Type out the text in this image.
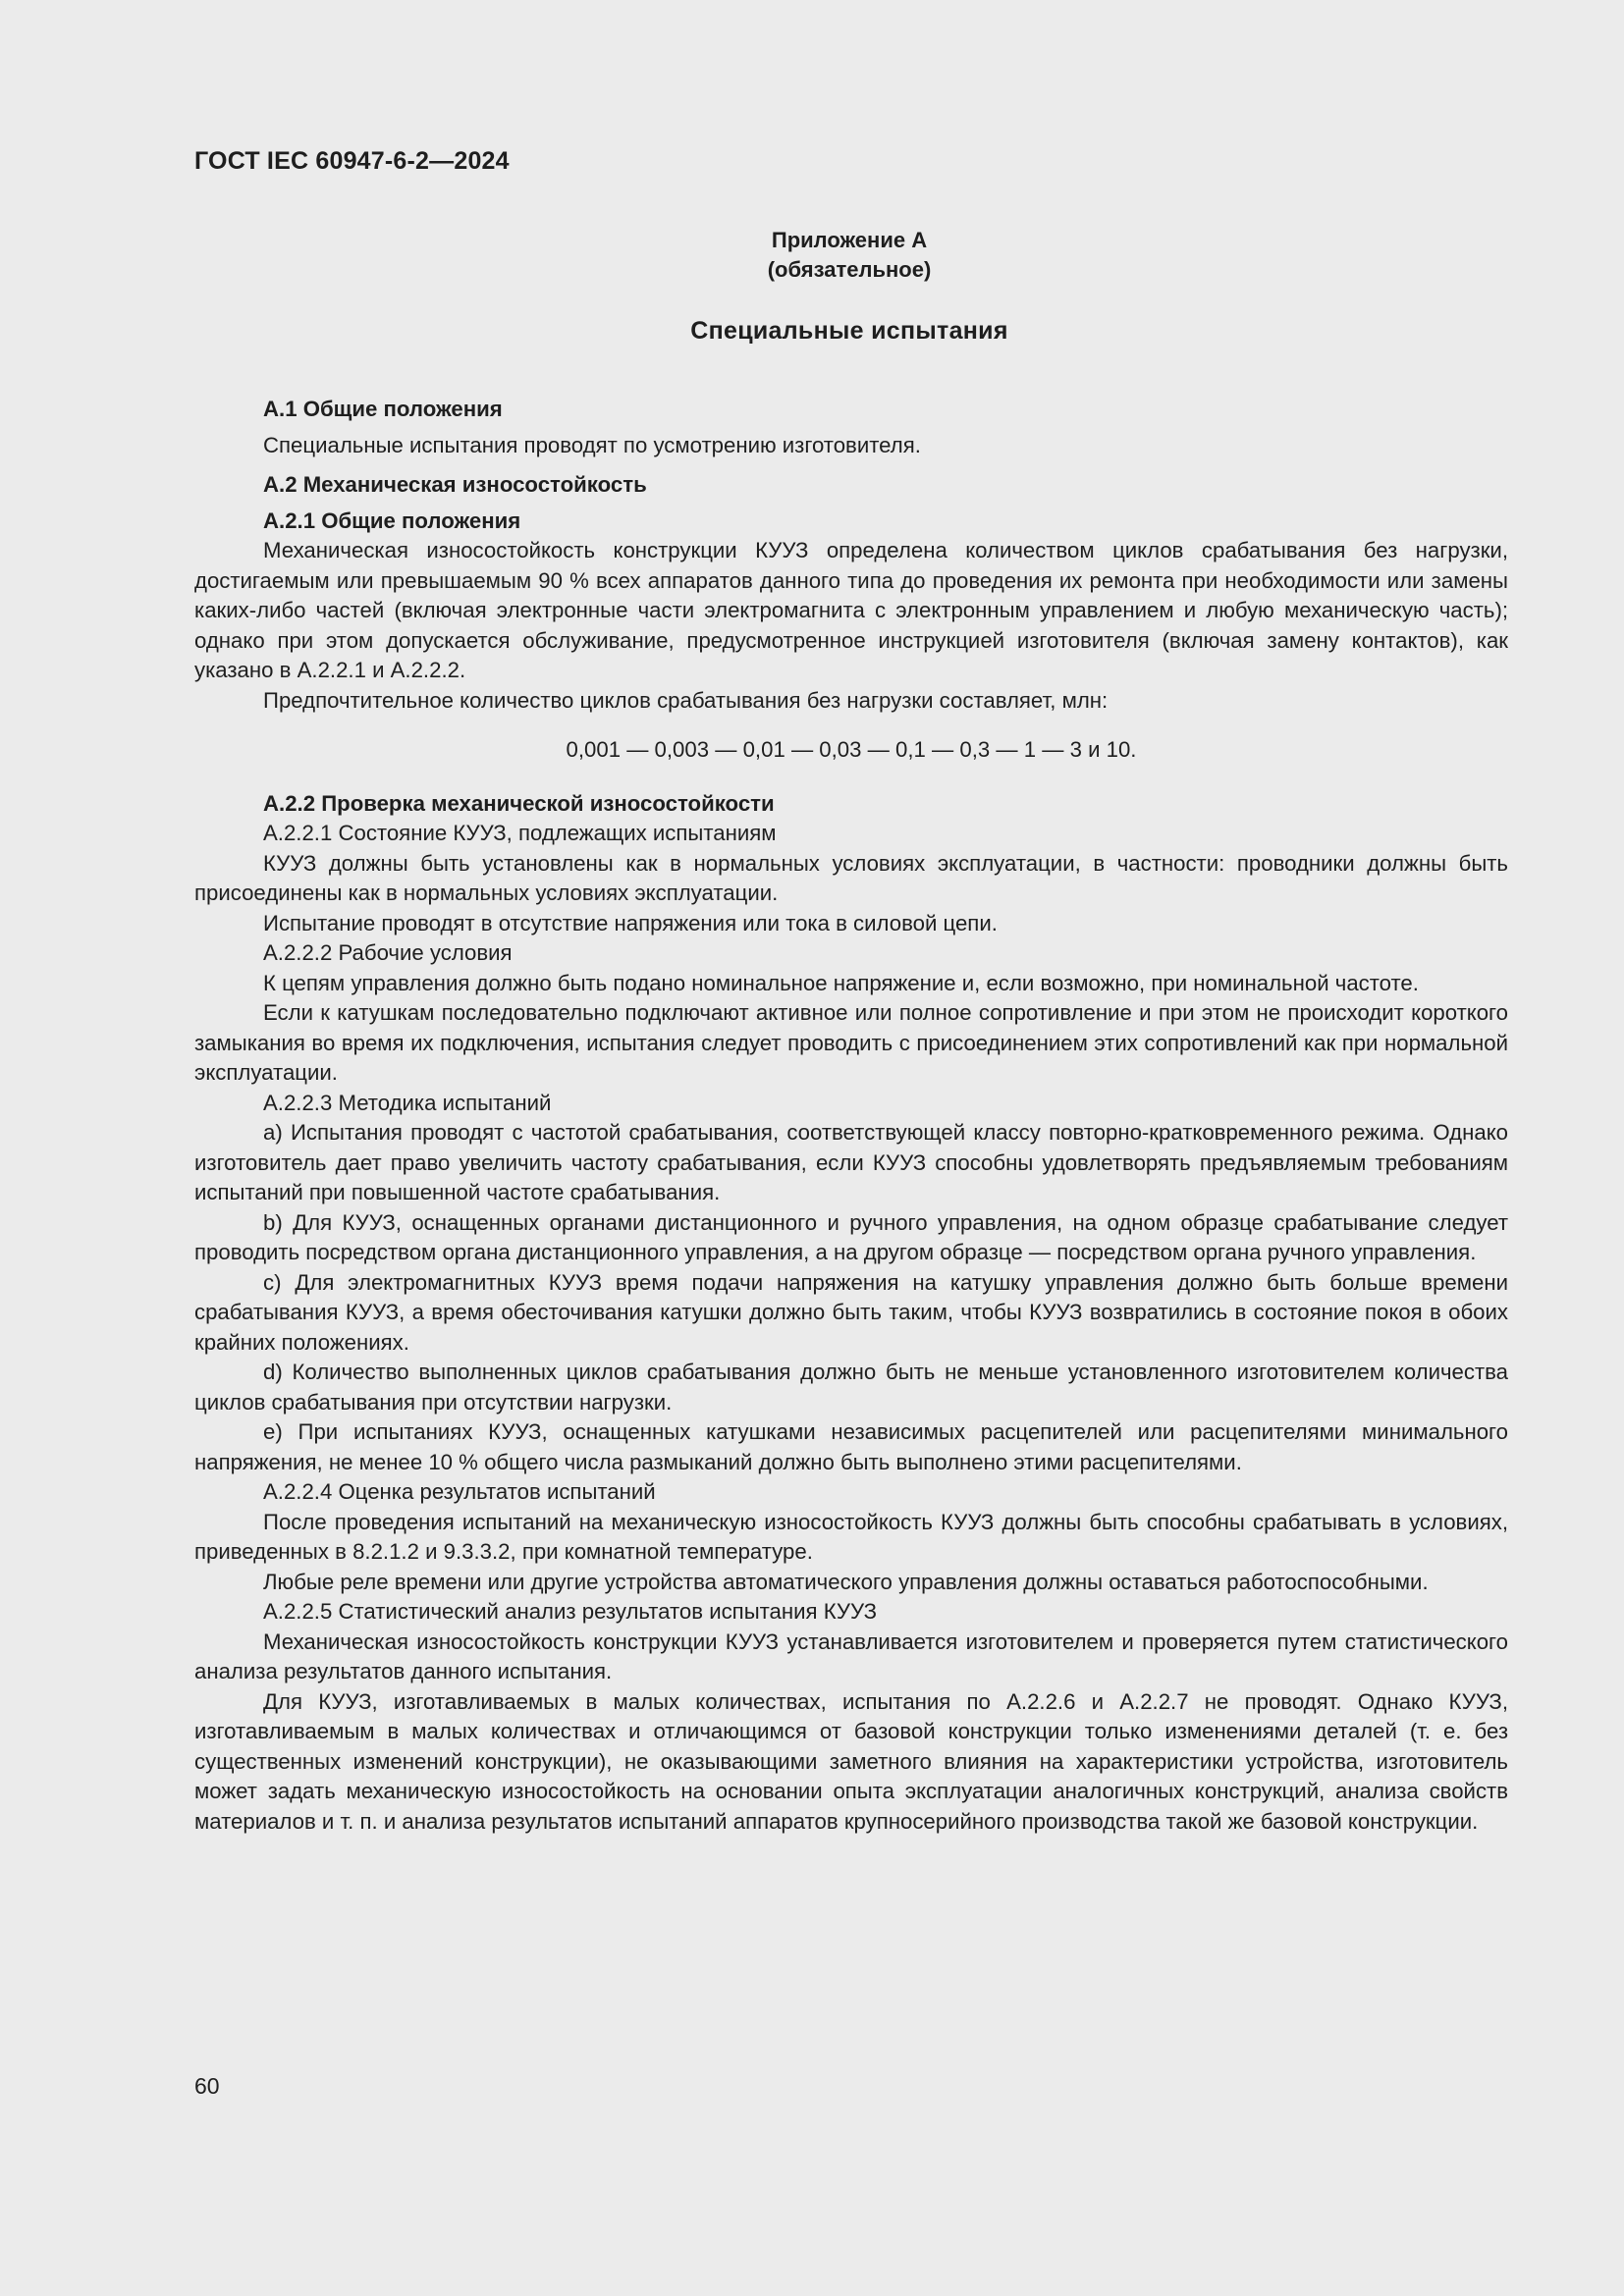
ГОСТ IEC 60947-6-2—2024
Приложение А
(обязательное)
Специальные испытания
А.1 Общие положения
Специальные испытания проводят по усмотрению изготовителя.
А.2 Механическая износостойкость
А.2.1 Общие положения
Механическая износостойкость конструкции КУУЗ определена количеством циклов срабатывания без нагрузки, достигаемым или превышаемым 90 % всех аппаратов данного типа до проведения их ремонта при необходимости или замены каких-либо частей (включая электронные части электромагнита с электронным управлением и любую механическую часть); однако при этом допускается обслуживание, предусмотренное инструкцией изготовителя (включая замену контактов), как указано в А.2.2.1 и А.2.2.2.
Предпочтительное количество циклов срабатывания без нагрузки составляет, млн:
0,001 — 0,003 — 0,01 — 0,03 — 0,1 — 0,3 — 1 — 3 и 10.
А.2.2 Проверка механической износостойкости
А.2.2.1 Состояние КУУЗ, подлежащих испытаниям
КУУЗ должны быть установлены как в нормальных условиях эксплуатации, в частности: проводники должны быть присоединены как в нормальных условиях эксплуатации.
Испытание проводят в отсутствие напряжения или тока в силовой цепи.
А.2.2.2 Рабочие условия
К цепям управления должно быть подано номинальное напряжение и, если возможно, при номинальной частоте.
Если к катушкам последовательно подключают активное или полное сопротивление и при этом не происходит короткого замыкания во время их подключения, испытания следует проводить с присоединением этих сопротивлений как при нормальной эксплуатации.
А.2.2.3 Методика испытаний
a) Испытания проводят с частотой срабатывания, соответствующей классу повторно-кратковременного режима. Однако изготовитель дает право увеличить частоту срабатывания, если КУУЗ способны удовлетворять предъявляемым требованиям испытаний при повышенной частоте срабатывания.
b) Для КУУЗ, оснащенных органами дистанционного и ручного управления, на одном образце срабатывание следует проводить посредством органа дистанционного управления, а на другом образце — посредством органа ручного управления.
c) Для электромагнитных КУУЗ время подачи напряжения на катушку управления должно быть больше времени срабатывания КУУЗ, а время обесточивания катушки должно быть таким, чтобы КУУЗ возвратились в состояние покоя в обоих крайних положениях.
d) Количество выполненных циклов срабатывания должно быть не меньше установленного изготовителем количества циклов срабатывания при отсутствии нагрузки.
e) При испытаниях КУУЗ, оснащенных катушками независимых расцепителей или расцепителями минимального напряжения, не менее 10 % общего числа размыканий должно быть выполнено этими расцепителями.
А.2.2.4 Оценка результатов испытаний
После проведения испытаний на механическую износостойкость КУУЗ должны быть способны срабатывать в условиях, приведенных в 8.2.1.2 и 9.3.3.2, при комнатной температуре.
Любые реле времени или другие устройства автоматического управления должны оставаться работоспособными.
А.2.2.5 Статистический анализ результатов испытания КУУЗ
Механическая износостойкость конструкции КУУЗ устанавливается изготовителем и проверяется путем статистического анализа результатов данного испытания.
Для КУУЗ, изготавливаемых в малых количествах, испытания по А.2.2.6 и А.2.2.7 не проводят. Однако КУУЗ, изготавливаемым в малых количествах и отличающимся от базовой конструкции только изменениями деталей (т. е. без существенных изменений конструкции), не оказывающими заметного влияния на характеристики устройства, изготовитель может задать механическую износостойкость на основании опыта эксплуатации аналогичных конструкций, анализа свойств материалов и т. п. и анализа результатов испытаний аппаратов крупносерийного производства такой же базовой конструкции.
60
